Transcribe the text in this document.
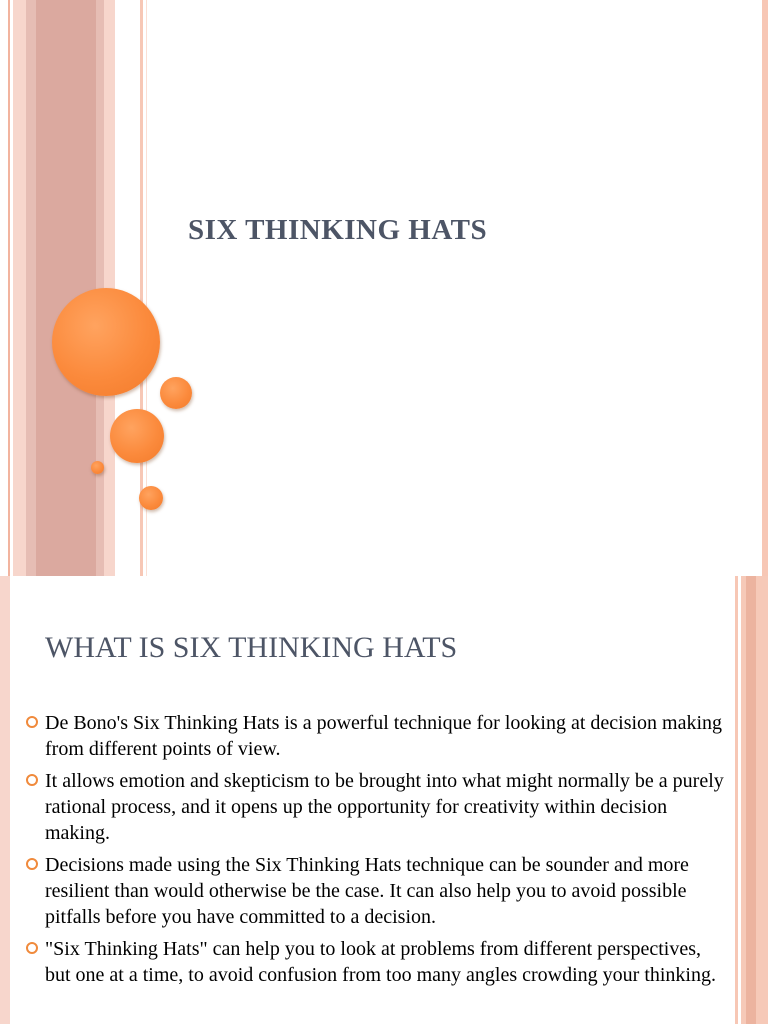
SIX THINKING HATS
WHAT IS SIX THINKING HATS
De Bono's Six Thinking Hats is a powerful technique for looking at decision making from different points of view.
It allows emotion and skepticism to be brought into what might normally be a purely rational process, and it opens up the opportunity for creativity within decision making.
Decisions made using the Six Thinking Hats technique can be sounder and more resilient than would otherwise be the case. It can also help you to avoid possible pitfalls before you have committed to a decision.
"Six Thinking Hats" can help you to look at problems from different perspectives, but one at a time, to avoid confusion from too many angles crowding your thinking.
